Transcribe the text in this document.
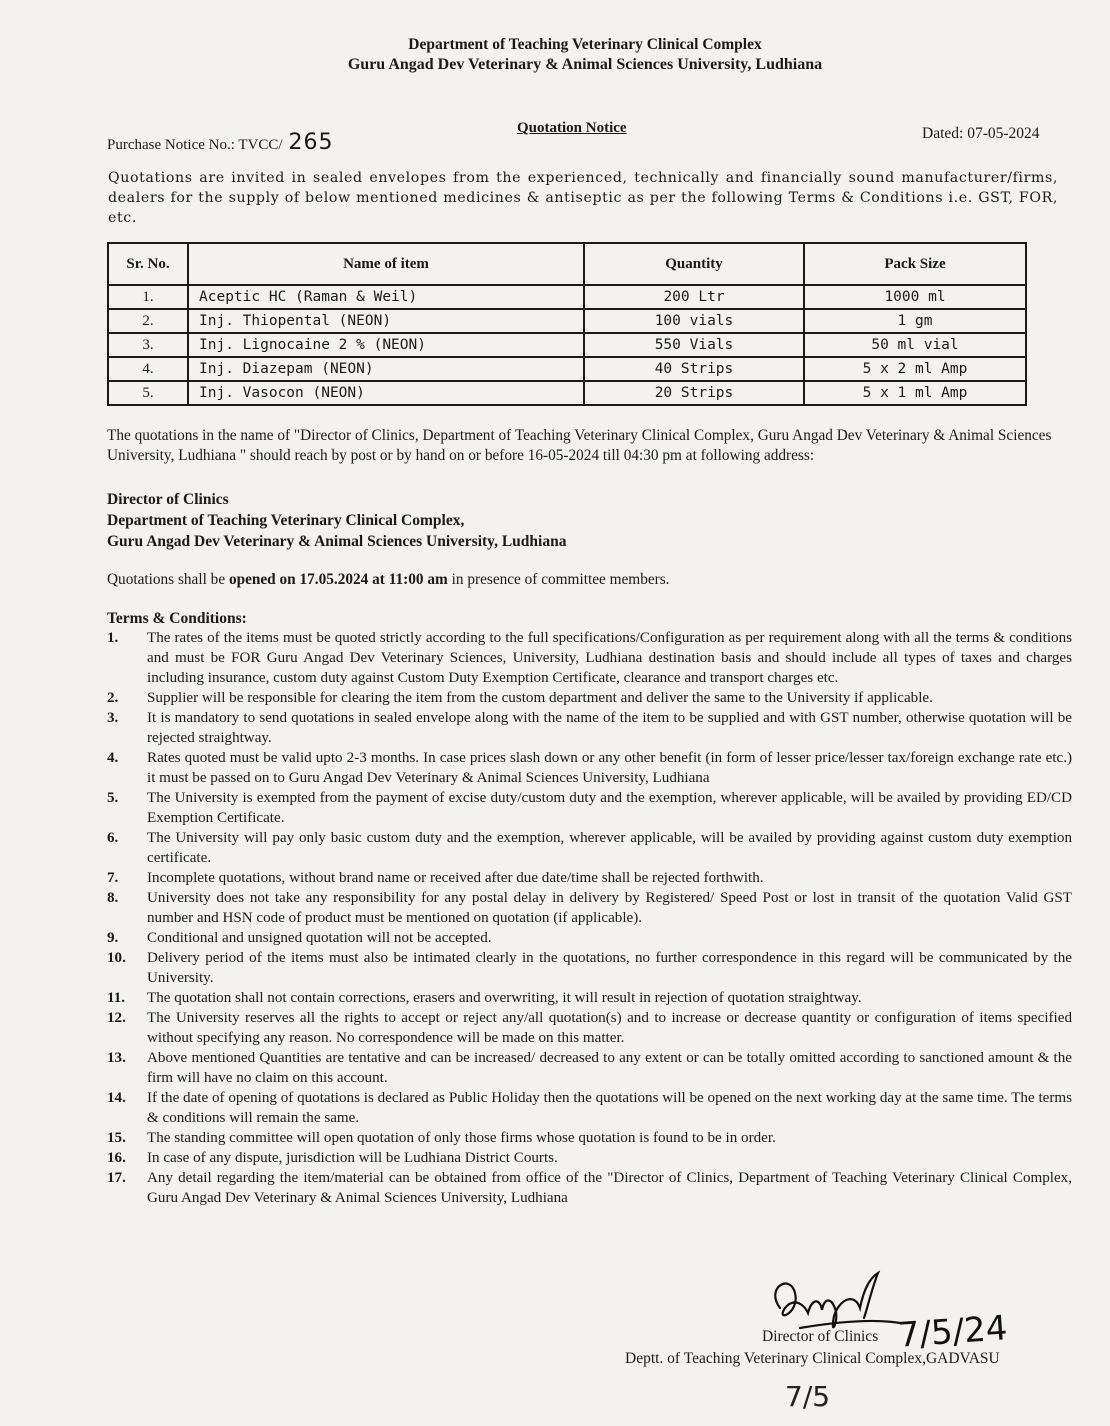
Department of Teaching Veterinary Clinical Complex
Guru Angad Dev Veterinary & Animal Sciences University, Ludhiana
Purchase Notice No.: TVCC/ 265
Quotation Notice	Dated: 07-05-2024
Quotations are invited in sealed envelopes from the experienced, technically and financially sound manufacturer/firms, dealers for the supply of below mentioned medicines & antiseptic as per the following Terms & Conditions i.e. GST, FOR, etc.
Sr. No.	Name of item	Quantity	Pack Size
1.	Aceptic HC (Raman & Weil)	200 Ltr	1000 ml
2.	Inj. Thiopental (NEON)	100 vials	1 gm
3.	Inj. Lignocaine 2 % (NEON)	550 Vials	50 ml vial
4.	Inj. Diazepam (NEON)	40 Strips	5 x 2 ml Amp
5.	Inj. Vasocon (NEON)	20 Strips	5 x 1 ml Amp
The quotations in the name of "Director of Clinics, Department of Teaching Veterinary Clinical Complex, Guru Angad Dev Veterinary & Animal Sciences University, Ludhiana " should reach by post or by hand on or before 16-05-2024 till 04:30 pm at following address:
Director of Clinics
Department of Teaching Veterinary Clinical Complex,
Guru Angad Dev Veterinary & Animal Sciences University, Ludhiana
Quotations shall be opened on 17.05.2024 at 11:00 am in presence of committee members.
Terms & Conditions:
1.	The rates of the items must be quoted strictly according to the full specifications/Configuration as per requirement along with all the terms & conditions and must be FOR Guru Angad Dev Veterinary Sciences, University, Ludhiana destination basis and should include all types of taxes and charges including insurance, custom duty against Custom Duty Exemption Certificate, clearance and transport charges etc.
2.	Supplier will be responsible for clearing the item from the custom department and deliver the same to the University if applicable.
3.	It is mandatory to send quotations in sealed envelope along with the name of the item to be supplied and with GST number, otherwise quotation will be rejected straightway.
4.	Rates quoted must be valid upto 2-3 months. In case prices slash down or any other benefit (in form of lesser price/lesser tax/foreign exchange rate etc.) it must be passed on to Guru Angad Dev Veterinary & Animal Sciences University, Ludhiana
5.	The University is exempted from the payment of excise duty/custom duty and the exemption, wherever applicable, will be availed by providing ED/CD Exemption Certificate.
6.	The University will pay only basic custom duty and the exemption, wherever applicable, will be availed by providing against custom duty exemption certificate.
7.	Incomplete quotations, without brand name or received after due date/time shall be rejected forthwith.
8.	University does not take any responsibility for any postal delay in delivery by Registered/ Speed Post or lost in transit of the quotation Valid GST number and HSN code of product must be mentioned on quotation (if applicable).
9.	Conditional and unsigned quotation will not be accepted.
10.	Delivery period of the items must also be intimated clearly in the quotations, no further correspondence in this regard will be communicated by the University.
11.	The quotation shall not contain corrections, erasers and overwriting, it will result in rejection of quotation straightway.
12.	The University reserves all the rights to accept or reject any/all quotation(s) and to increase or decrease quantity or configuration of items specified without specifying any reason. No correspondence will be made on this matter.
13.	Above mentioned Quantities are tentative and can be increased/ decreased to any extent or can be totally omitted according to sanctioned amount & the firm will have no claim on this account.
14.	If the date of opening of quotations is declared as Public Holiday then the quotations will be opened on the next working day at the same time. The terms & conditions will remain the same.
15.	The standing committee will open quotation of only those firms whose quotation is found to be in order.
16.	In case of any dispute, jurisdiction will be Ludhiana District Courts.
17.	Any detail regarding the item/material can be obtained from office of the "Director of Clinics, Department of Teaching Veterinary Clinical Complex, Guru Angad Dev Veterinary & Animal Sciences University, Ludhiana
Director of Clinics
Deptt. of Teaching Veterinary Clinical Complex,GADVASU
7/5/24
7/5
